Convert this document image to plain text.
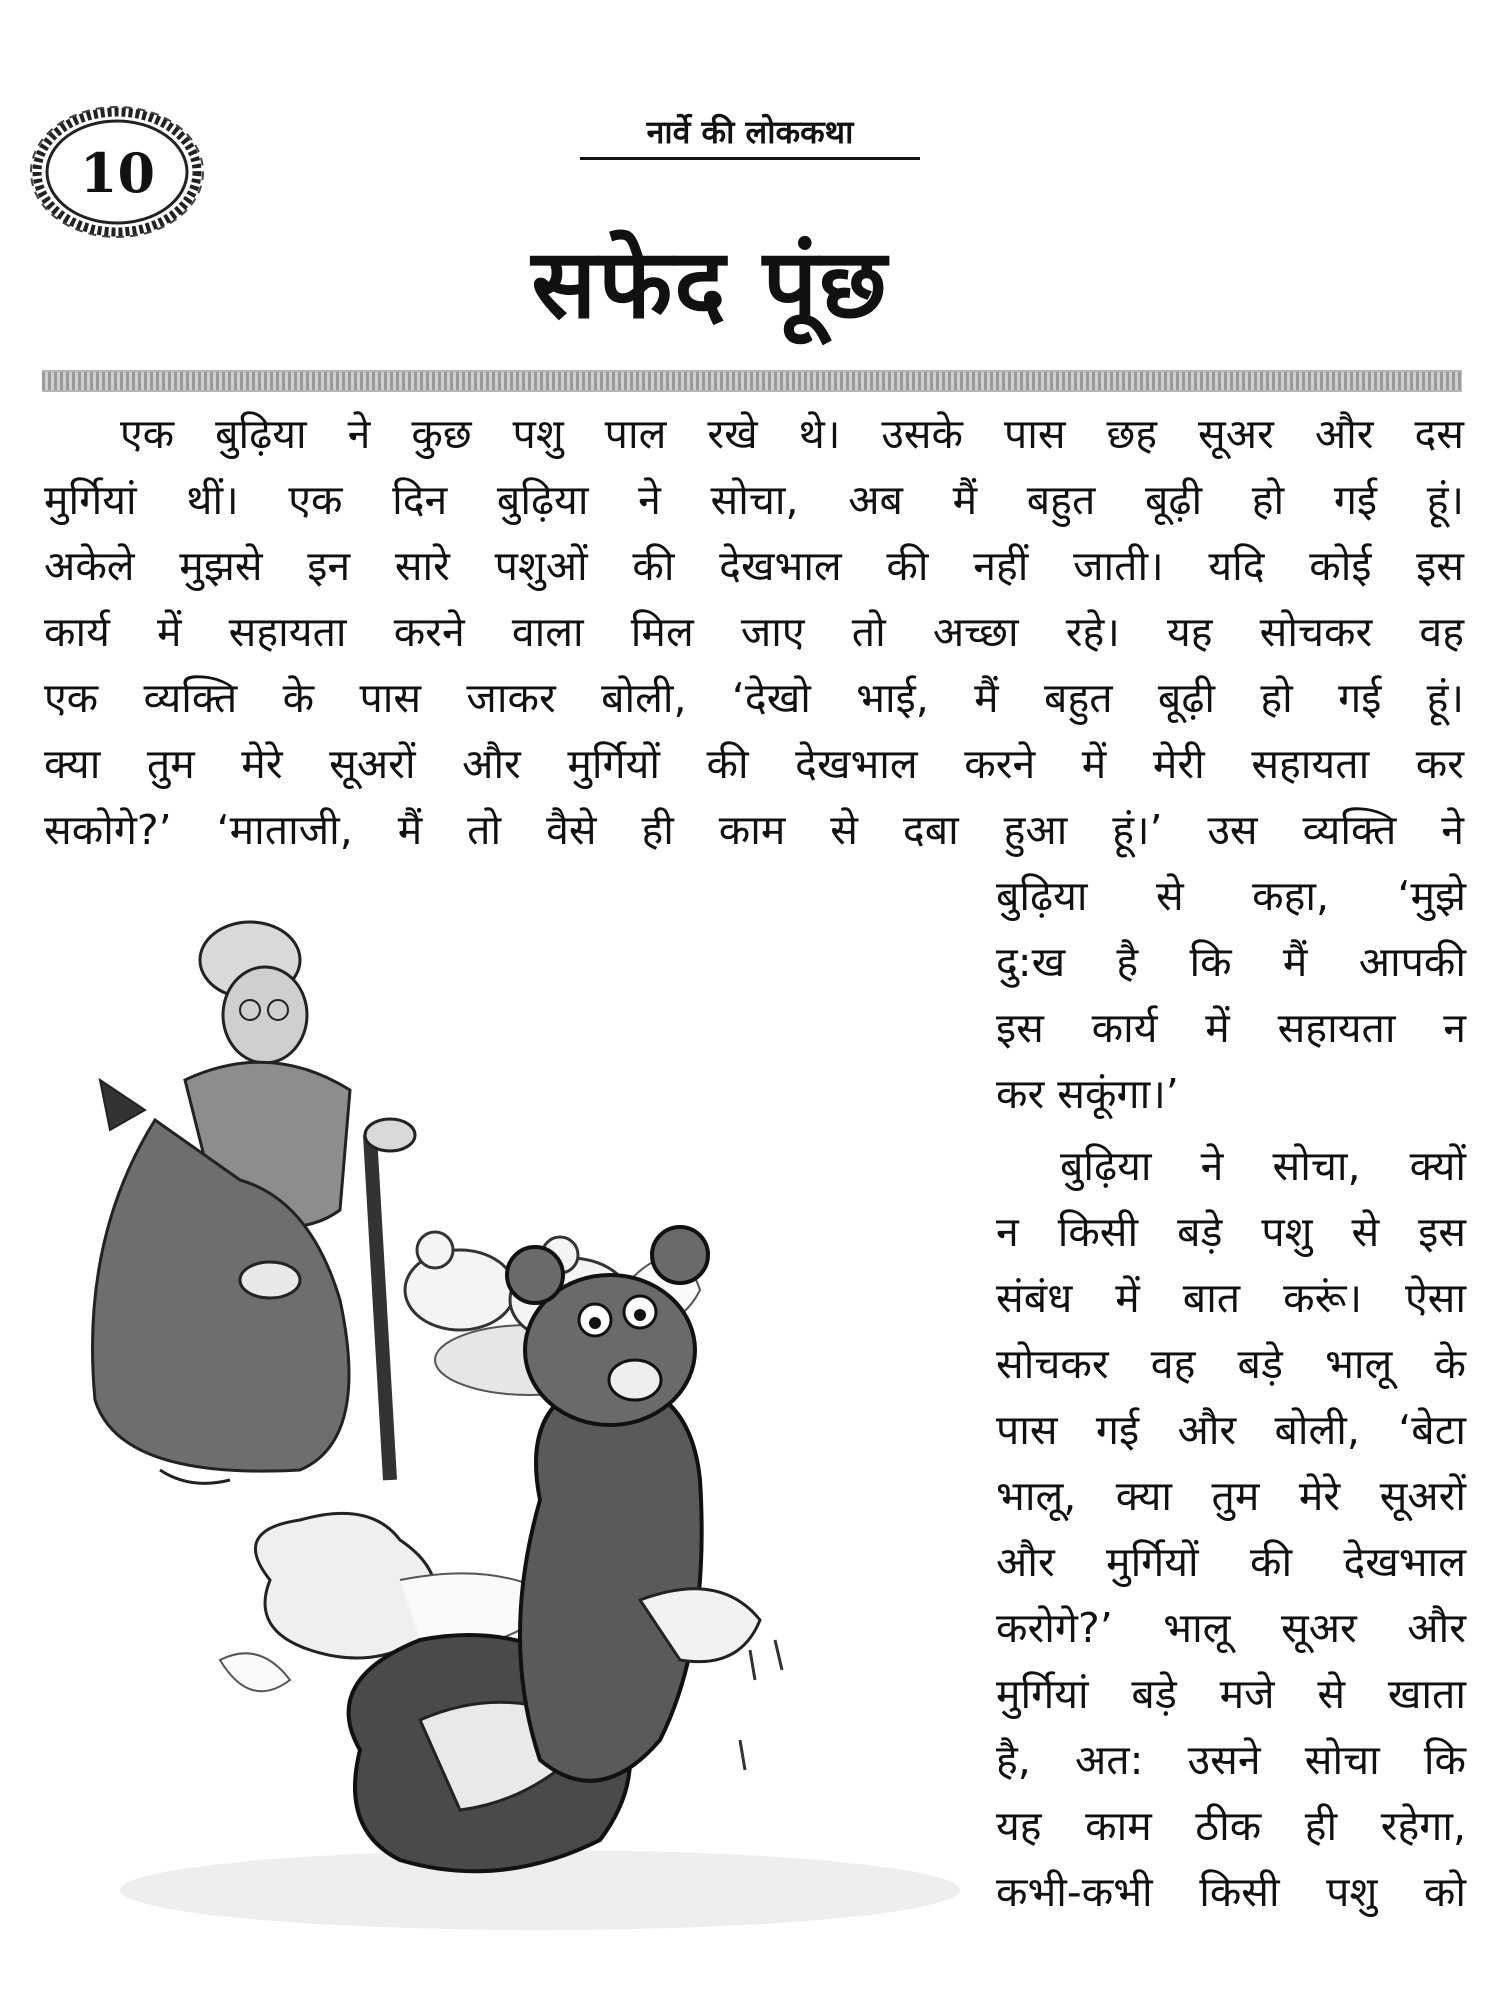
10
नार्वे की लोककथा
सफेद पूंछ
एक बुढ़िया ने कुछ पशु पाल रखे थे। उसके पास छह सूअर और दस
मुर्गियां थीं। एक दिन बुढ़िया ने सोचा, अब मैं बहुत बूढ़ी हो गई हूं।
अकेले मुझसे इन सारे पशुओं की देखभाल की नहीं जाती। यदि कोई इस
कार्य में सहायता करने वाला मिल जाए तो अच्छा रहे। यह सोचकर वह
एक व्यक्ति के पास जाकर बोली, ‘देखो भाई, मैं बहुत बूढ़ी हो गई हूं।
क्या तुम मेरे सूअरों और मुर्गियों की देखभाल करने में मेरी सहायता कर
सकोगे?’ ‘माताजी, मैं तो वैसे ही काम से दबा हुआ हूं।’ उस व्यक्ति ने
बुढ़िया से कहा, ‘मुझे
दु:ख है कि मैं आपकी
इस कार्य में सहायता न
कर सकूंगा।’
बुढ़िया ने सोचा, क्यों
न किसी बड़े पशु से इस
संबंध में बात करूं। ऐसा
सोचकर वह बड़े भालू के
पास गई और बोली, ‘बेटा
भालू, क्या तुम मेरे सूअरों
और मुर्गियों की देखभाल
करोगे?’ भालू सूअर और
मुर्गियां बड़े मजे से खाता
है, अत: उसने सोचा कि
यह काम ठीक ही रहेगा,
कभी-कभी किसी पशु को
